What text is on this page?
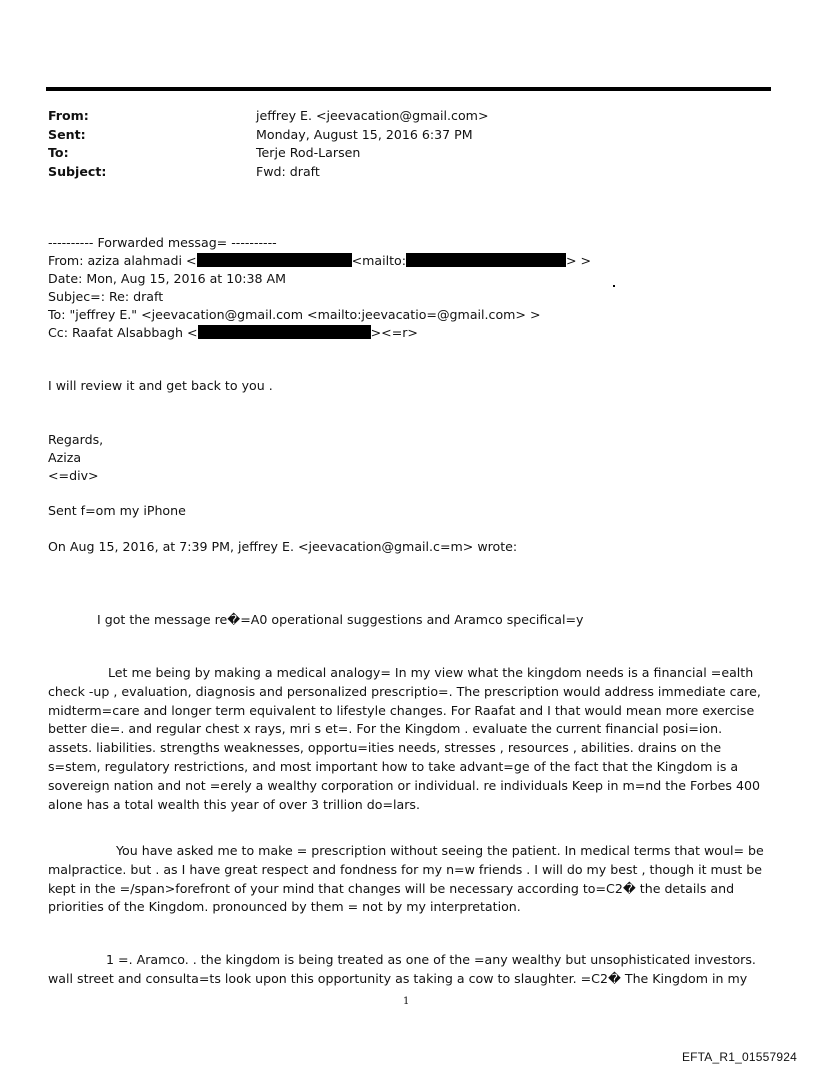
From:	jeffrey E. <jeevacation@gmail.com>
Sent:	Monday, August 15, 2016 6:37 PM
To:	Terje Rod-Larsen
Subject:	Fwd: draft
---------- Forwarded messag= ----------
From: aziza alahmadi <	<mailto:	> >
Date: Mon, Aug 15, 2016 at 10:38 AM
Subjec=: Re: draft
To: "jeffrey E." <jeevacation@gmail.com <mailto:jeevacatio=@gmail.com> >
Cc: Raafat Alsabbagh <	><=r>
I will review it and get back to you .
Regards,
Aziza
<=div>
Sent f=om my iPhone
On Aug 15, 2016, at 7:39 PM, jeffrey E. <jeevacation@gmail.c=m> wrote:
I got the message re�=A0 operational suggestions and Aramco specifical=y
Let me being by making a medical analogy= In my view what the kingdom needs is a financial =ealth check -up , evaluation, diagnosis and personalized prescriptio=. The prescription would address immediate care, midterm=care and longer term equivalent to lifestyle changes. For Raafat and I that would mean more exercise better die=. and regular chest x rays, mri s et=. For the Kingdom . evaluate the current financial posi=ion. assets. liabilities. strengths weaknesses, opportu=ities needs, stresses , resources , abilities. drains on the s=stem, regulatory restrictions, and most important how to take advant=ge of the fact that the Kingdom is a sovereign nation and not =erely a wealthy corporation or individual. re individuals Keep in m=nd the Forbes 400 alone has a total wealth this year of over 3 trillion do=lars.
You have asked me to make = prescription without seeing the patient. In medical terms that woul= be malpractice. but . as I have great respect and fondness for my n=w friends . I will do my best , though it must be kept in the =/span>forefront of your mind that changes will be necessary according to=C2� the details and priorities of the Kingdom. pronounced by them = not by my interpretation.
1 =. Aramco. . the kingdom is being treated as one of the =any wealthy but unsophisticated investors. wall street and consulta=ts look upon this opportunity as taking a cow to slaughter. =C2� The Kingdom in my
1
EFTA_R1_01557924
